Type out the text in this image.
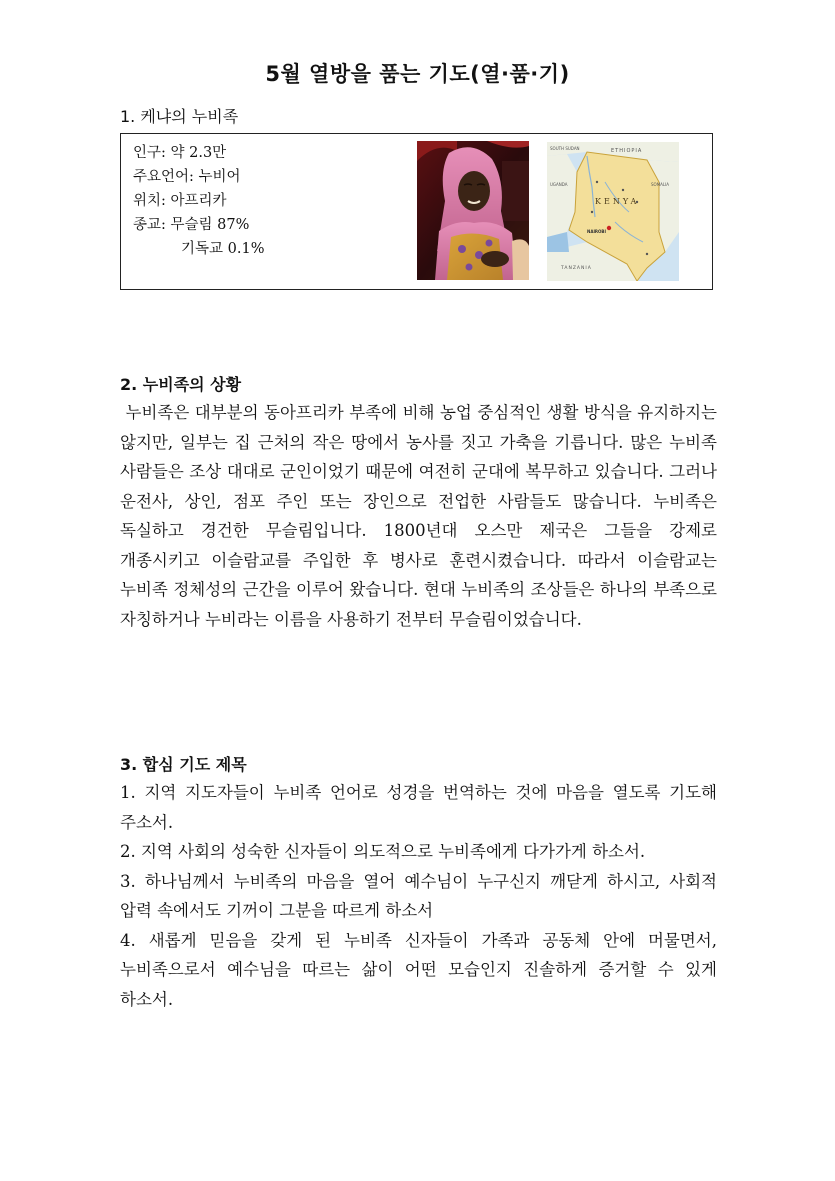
5월 열방을 품는 기도(열·품·기)
1. 케냐의 누비족
인구: 약 2.3만
주요언어: 누비어
위치: 아프리카
종교: 무슬림 87%
기독교 0.1%
SOUTH SUDAN	ETHIOPIA
UGANDA	SOMALIA
KENYA
NAIROBI
TANZANIA
2. 누비족의 상황

누비족은 대부분의 동아프리카 부족에 비해 농업 중심적인 생활 방식을 유지하지는 않지만, 일부는 집 근처의 작은 땅에서 농사를 짓고 가축을 기릅니다. 많은 누비족 사람들은 조상 대대로 군인이었기 때문에 여전히 군대에 복무하고 있습니다. 그러나 운전사, 상인, 점포 주인 또는 장인으로 전업한 사람들도 많습니다. 누비족은 독실하고 경건한 무슬림입니다. 1800년대 오스만 제국은 그들을 강제로 개종시키고 이슬람교를 주입한 후 병사로 훈련시켰습니다. 따라서 이슬람교는 누비족 정체성의 근간을 이루어 왔습니다. 현대 누비족의 조상들은 하나의 부족으로 자칭하거나 누비라는 이름을 사용하기 전부터 무슬림이었습니다.

3. 합심 기도 제목

1. 지역 지도자들이 누비족 언어로 성경을 번역하는 것에 마음을 열도록 기도해 주소서.

2. 지역 사회의 성숙한 신자들이 의도적으로 누비족에게 다가가게 하소서.

3. 하나님께서 누비족의 마음을 열어 예수님이 누구신지 깨닫게 하시고, 사회적 압력 속에서도 기꺼이 그분을 따르게 하소서

4. 새롭게 믿음을 갖게 된 누비족 신자들이 가족과 공동체 안에 머물면서, 누비족으로서 예수님을 따르는 삶이 어떤 모습인지 진솔하게 증거할 수 있게 하소서.
